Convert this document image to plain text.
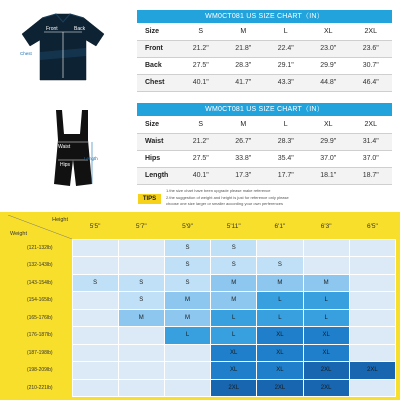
Front	Back
Chest
Waist
Hips
Length
WM0CT081 US SIZE CHART（IN）
Size	S	M	L	XL	2XL
Front	21.2"	21.8"	22.4"	23.0"	23.6"
Back	27.5"	28.3"	29.1"	29.9"	30.7"
Chest	40.1"	41.7"	43.3"	44.8"	46.4"
WM0CT081 US SIZE CHART（IN）
Size	S	M	L	XL	2XL
Waist	21.2"	26.7"	28.3"	29.9"	31.4"
Hips	27.5"	33.8"	35.4"	37.0"	37.0"
Length	40.1"	17.3"	17.7"	18.1"	18.7"
TIPS
1.the size chart have been upgrade please make reference
2.the suggestion of weight and height is just for reference only please
choose one size larger or smaller according your own perferences
Height
Weight	5'5"	5'7"	5'9"	5'11"	6'1"	6'3"	6'5"
(121-132lb)			S	S			
(132-143lb)			S	S	S		
(143-154lb)	S	S	S	M	M	M	
(154-165lb)		S	M	M	L	L	
(165-176lb)		M	M	L	L	L	
(176-187lb)			L	L	XL	XL	
(187-198lb)				XL	XL	XL	
(198-209lb)				XL	XL	2XL	2XL
(210-221lb)				2XL	2XL	2XL	
